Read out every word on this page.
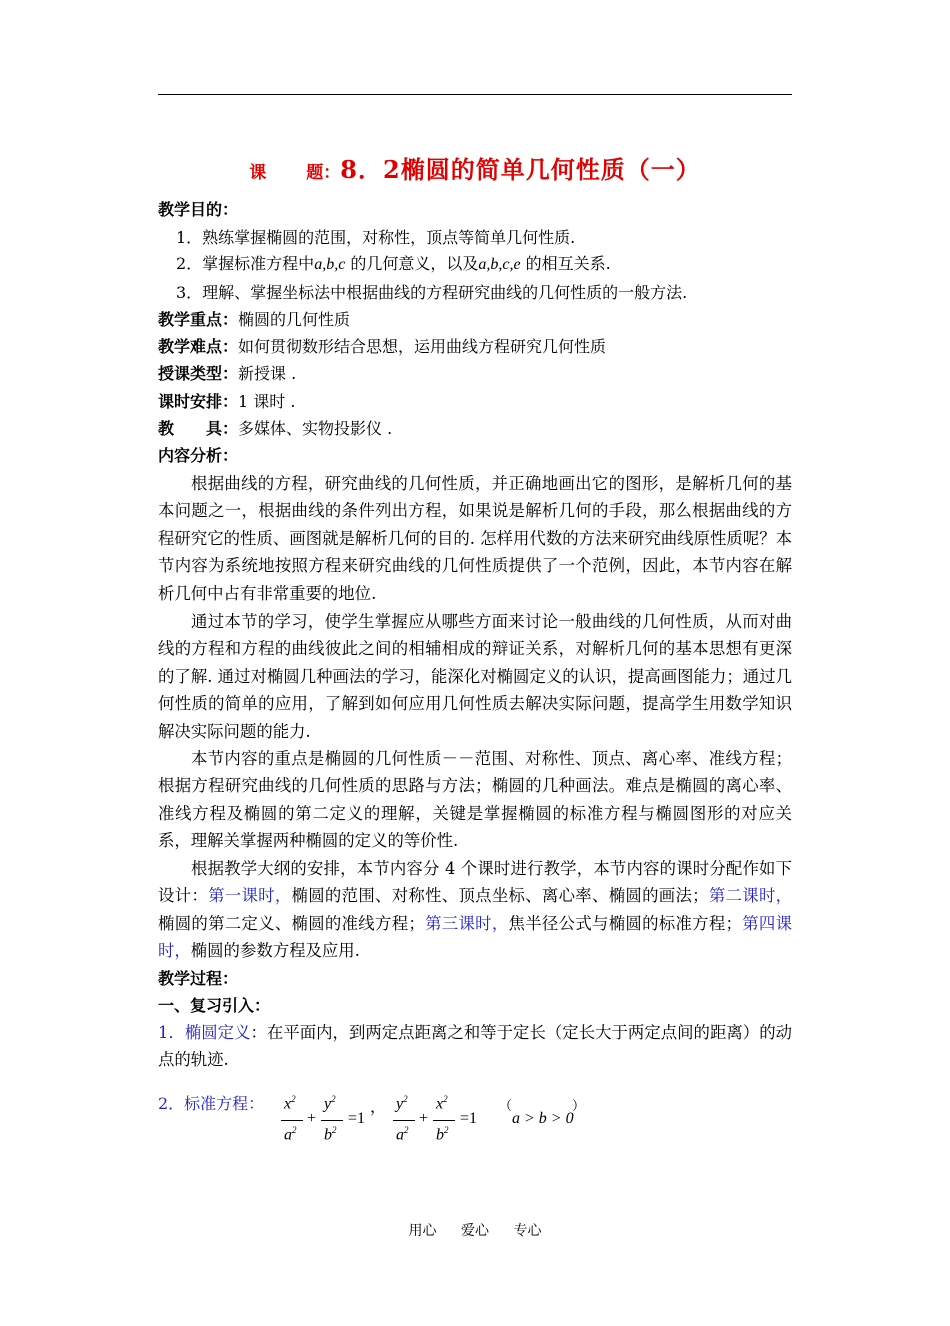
课 题：8．2椭圆的简单几何性质（一）
教学目的：
1．熟练掌握椭圆的范围，对称性，顶点等简单几何性质.
2．掌握标准方程中a,b,c 的几何意义，以及a,b,c,e 的相互关系.
3．理解、掌握坐标法中根据曲线的方程研究曲线的几何性质的一般方法.
教学重点：椭圆的几何性质
教学难点：如何贯彻数形结合思想，运用曲线方程研究几何性质
授课类型：新授课 .
课时安排：1 课时 .
教　　具：多媒体、实物投影仪 .
内容分析：
根据曲线的方程，研究曲线的几何性质，并正确地画出它的图形，是解析几何的基本问题之一，根据曲线的条件列出方程，如果说是解析几何的手段，那么根据曲线的方程研究它的性质、画图就是解析几何的目的. 怎样用代数的方法来研究曲线原性质呢？本节内容为系统地按照方程来研究曲线的几何性质提供了一个范例，因此，本节内容在解析几何中占有非常重要的地位.
通过本节的学习，使学生掌握应从哪些方面来讨论一般曲线的几何性质，从而对曲线的方程和方程的曲线彼此之间的相辅相成的辩证关系，对解析几何的基本思想有更深的了解. 通过对椭圆几种画法的学习，能深化对椭圆定义的认识，提高画图能力；通过几何性质的简单的应用，了解到如何应用几何性质去解决实际问题，提高学生用数学知识解决实际问题的能力.
本节内容的重点是椭圆的几何性质－－范围、对称性、顶点、离心率、准线方程；根据方程研究曲线的几何性质的思路与方法；椭圆的几种画法。难点是椭圆的离心率、准线方程及椭圆的第二定义的理解，关键是掌握椭圆的标准方程与椭圆图形的对应关系，理解关掌握两种椭圆的定义的等价性.
根据教学大纲的安排，本节内容分 4 个课时进行教学，本节内容的课时分配作如下设计：第一课时，椭圆的范围、对称性、顶点坐标、离心率、椭圆的画法；第二课时，椭圆的第二定义、椭圆的准线方程；第三课时，焦半径公式与椭圆的标准方程；第四课时，椭圆的参数方程及应用.
教学过程：
一、复习引入：
1．椭圆定义：在平面内，到两定点距离之和等于定长（定长大于两定点间的距离）的动点的轨迹.
2．标准方程： $x^2$
$a^2$
+
$y^2$
$b^2$
=1
， $y^2$
$a^2$
+
$x^2$
$b^2$
=1
（
a > b > 0
）
用心 爱心 专心
